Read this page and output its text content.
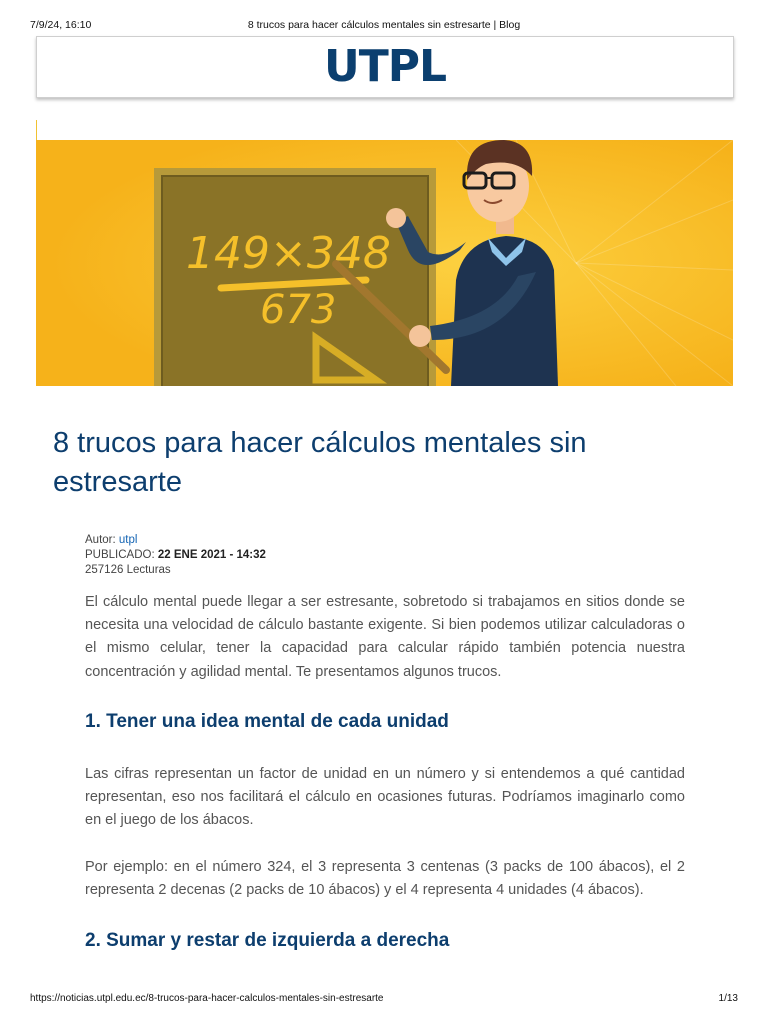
7/9/24, 16:10	8 trucos para hacer cálculos mentales sin estresarte | Blog
UTPL
149×348
673
8 trucos para hacer cálculos mentales sin estresarte
Autor: utpl
PUBLICADO: 22 ENE 2021 - 14:32
257126 Lecturas

El cálculo mental puede llegar a ser estresante, sobretodo si trabajamos en sitios donde se necesita una velocidad de cálculo bastante exigente. Si bien podemos utilizar calculadoras o el mismo celular, tener la capacidad para calcular rápido también potencia nuestra concentración y agilidad mental. Te presentamos algunos trucos.

1. Tener una idea mental de cada unidad

Las cifras representan un factor de unidad en un número y si entendemos a qué cantidad representan, eso nos facilitará el cálculo en ocasiones futuras. Podríamos imaginarlo como en el juego de los ábacos.

Por ejemplo: en el número 324, el 3 representa 3 centenas (3 packs de 100 ábacos), el 2 representa 2 decenas (2 packs de 10 ábacos) y el 4 representa 4 unidades (4 ábacos).

2. Sumar y restar de izquierda a derecha
https://noticias.utpl.edu.ec/8-trucos-para-hacer-calculos-mentales-sin-estresarte	1/13
